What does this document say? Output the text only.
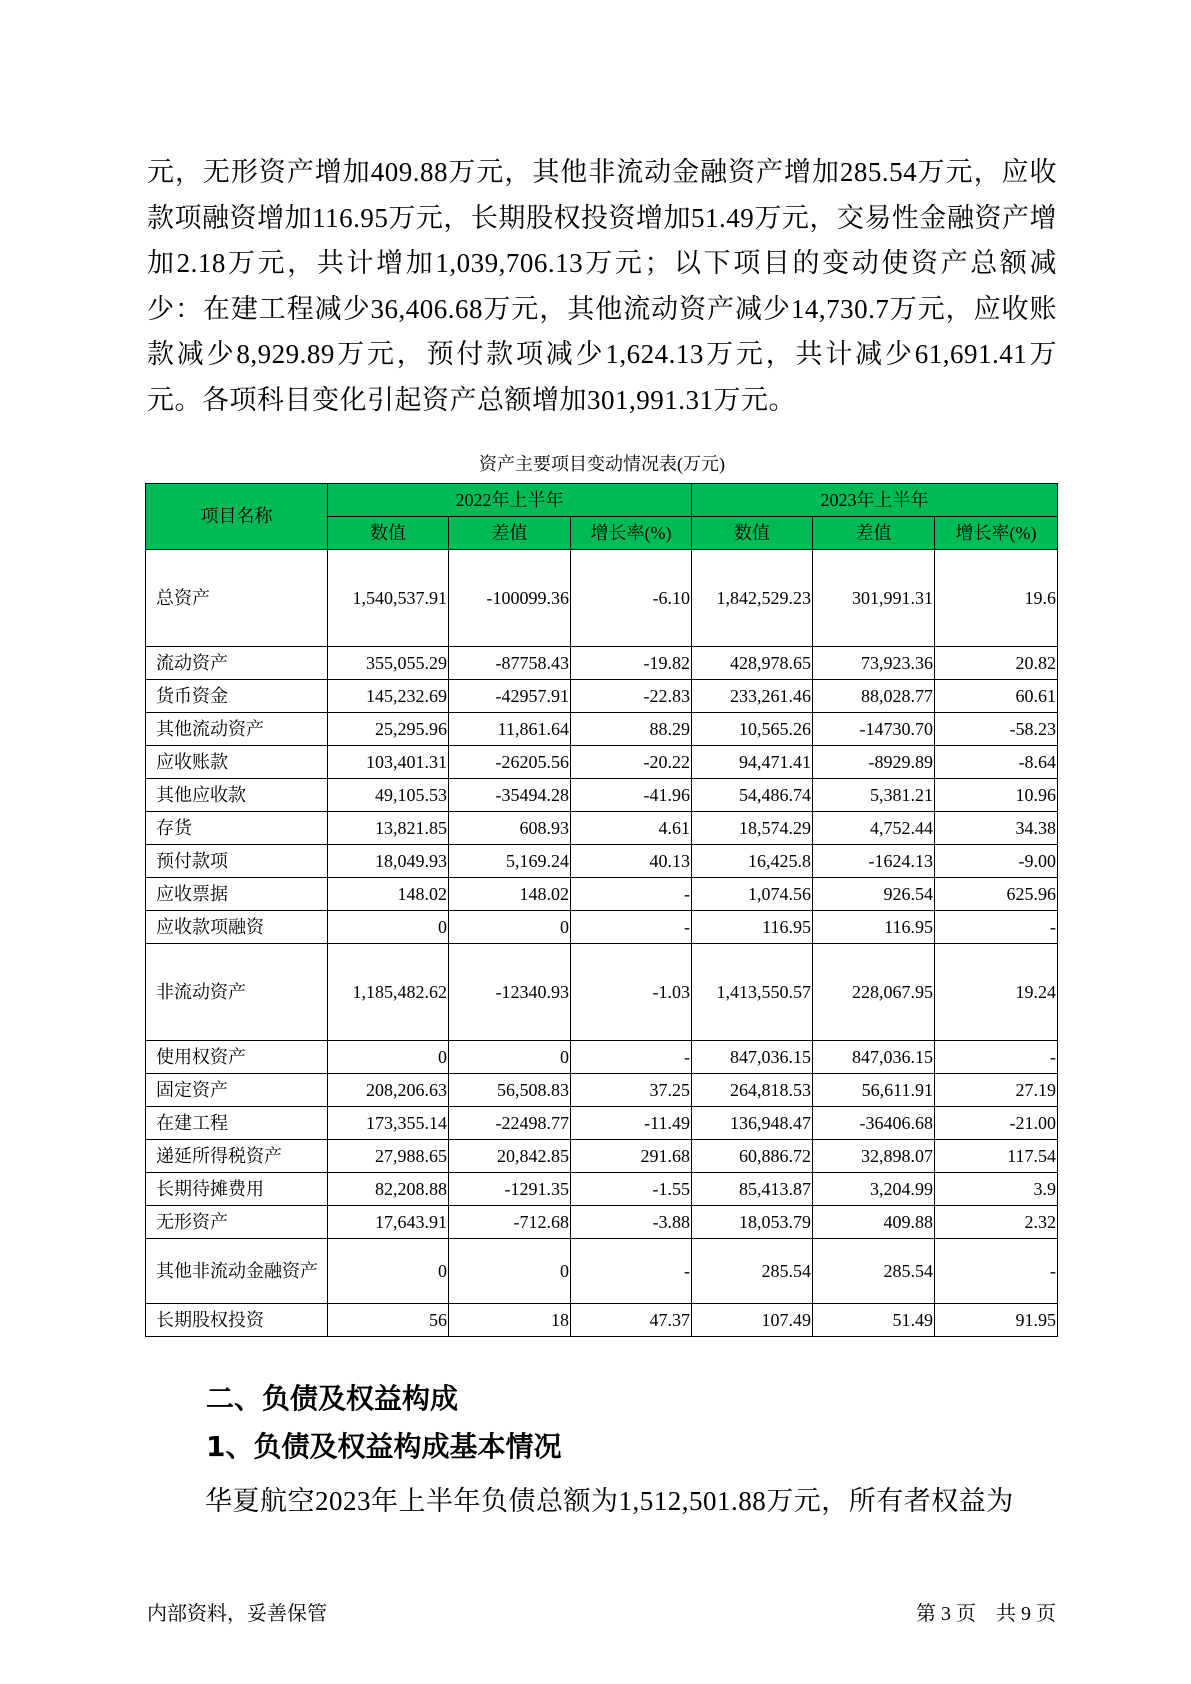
元，无形资产增加409.88万元，其他非流动金融资产增加285.54万元，应收款项融资增加116.95万元，长期股权投资增加51.49万元，交易性金融资产增加2.18万元，共计增加1,039,706.13万元；以下项目的变动使资产总额减少：在建工程减少36,406.68万元，其他流动资产减少14,730.7万元，应收账款减少8,929.89万元，预付款项减少1,624.13万元，共计减少61,691.41万元。各项科目变化引起资产总额增加301,991.31万元。

资产主要项目变动情况表(万元)
项目名称	2022年上半年			2023年上半年		
	数值	差值	增长率(%)	数值	差值	增长率(%)
总资产	1,540,537.91	-100099.36	-6.10	1,842,529.23	301,991.31	19.6
流动资产	355,055.29	-87758.43	-19.82	428,978.65	73,923.36	20.82
货币资金	145,232.69	-42957.91	-22.83	233,261.46	88,028.77	60.61
其他流动资产	25,295.96	11,861.64	88.29	10,565.26	-14730.70	-58.23
应收账款	103,401.31	-26205.56	-20.22	94,471.41	-8929.89	-8.64
其他应收款	49,105.53	-35494.28	-41.96	54,486.74	5,381.21	10.96
存货	13,821.85	608.93	4.61	18,574.29	4,752.44	34.38
预付款项	18,049.93	5,169.24	40.13	16,425.8	-1624.13	-9.00
应收票据	148.02	148.02	-	1,074.56	926.54	625.96
应收款项融资	0	0	-	116.95	116.95	-
非流动资产	1,185,482.62	-12340.93	-1.03	1,413,550.57	228,067.95	19.24
使用权资产	0	0	-	847,036.15	847,036.15	-
固定资产	208,206.63	56,508.83	37.25	264,818.53	56,611.91	27.19
在建工程	173,355.14	-22498.77	-11.49	136,948.47	-36406.68	-21.00
递延所得税资产	27,988.65	20,842.85	291.68	60,886.72	32,898.07	117.54
长期待摊费用	82,208.88	-1291.35	-1.55	85,413.87	3,204.99	3.9
无形资产	17,643.91	-712.68	-3.88	18,053.79	409.88	2.32
其他非流动金融资产	0	0	-	285.54	285.54	-
长期股权投资	56	18	47.37	107.49	51.49	91.95
二、负债及权益构成
1、负债及权益构成基本情况

华夏航空2023年上半年负债总额为1,512,501.88万元，所有者权益为

内部资料，妥善保管	第 3 页　共 9 页
